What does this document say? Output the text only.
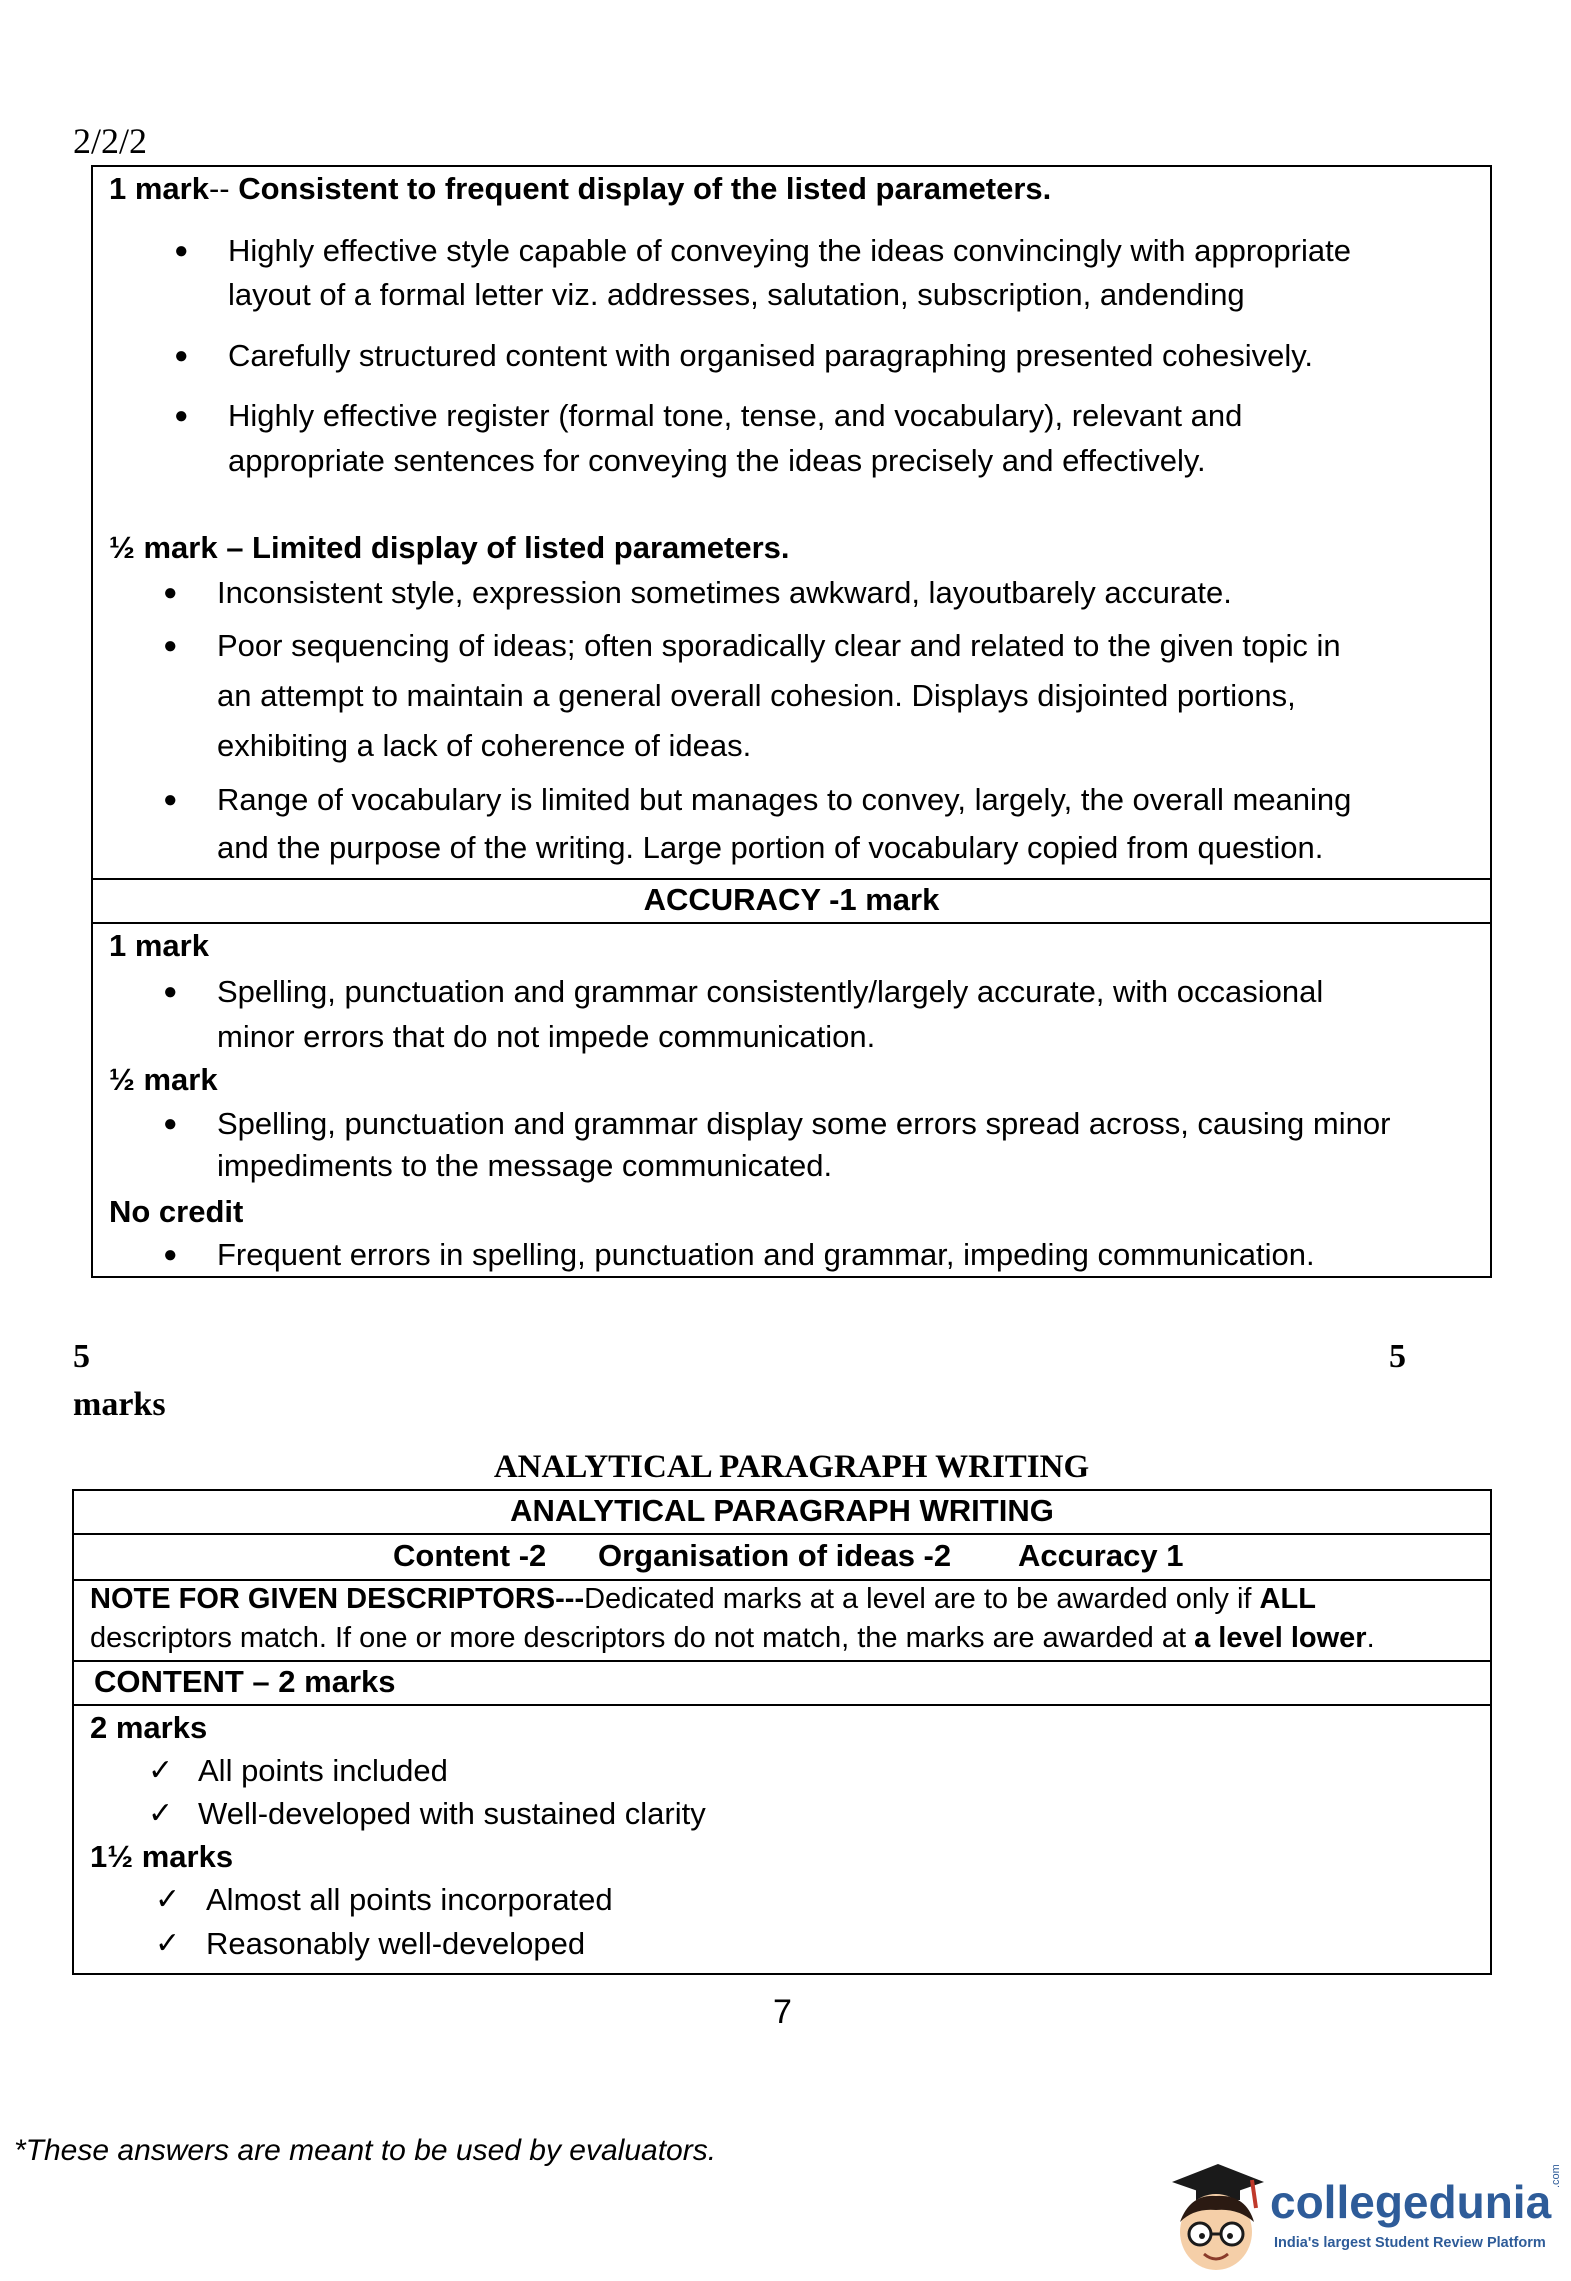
2/2/2
1 mark-- Consistent to frequent display of the listed parameters.
● Highly effective style capable of conveying the ideas convincingly with appropriate
layout of a formal letter viz. addresses, salutation, subscription, andending
● Carefully structured content with organised paragraphing presented cohesively.
● Highly effective register (formal tone, tense, and vocabulary), relevant and
appropriate sentences for conveying the ideas precisely and effectively.
½ mark – Limited display of listed parameters.
● Inconsistent style, expression sometimes awkward, layoutbarely accurate.
● Poor sequencing of ideas; often sporadically clear and related to the given topic in
an attempt to maintain a general overall cohesion. Displays disjointed portions,
exhibiting a lack of coherence of ideas.
● Range of vocabulary is limited but manages to convey, largely, the overall meaning
and the purpose of the writing. Large portion of vocabulary copied from question.
ACCURACY -1 mark
1 mark
● Spelling, punctuation and grammar consistently/largely accurate, with occasional
minor errors that do not impede communication.
½ mark
● Spelling, punctuation and grammar display some errors spread across, causing minor
impediments to the message communicated.
No credit
● Frequent errors in spelling, punctuation and grammar, impeding communication.
5
marks
5
ANALYTICAL PARAGRAPH WRITING
ANALYTICAL PARAGRAPH WRITING
Content -2 Organisation of ideas -2 Accuracy 1
NOTE FOR GIVEN DESCRIPTORS---Dedicated marks at a level are to be awarded only if ALL
descriptors match. If one or more descriptors do not match, the marks are awarded at a level lower.
CONTENT – 2 marks
2 marks
✓ All points included
✓ Well-developed with sustained clarity
1½ marks
✓ Almost all points incorporated
✓ Reasonably well-developed
7
*These answers are meant to be used by evaluators.
collegedunia
.com
India's largest Student Review Platform
